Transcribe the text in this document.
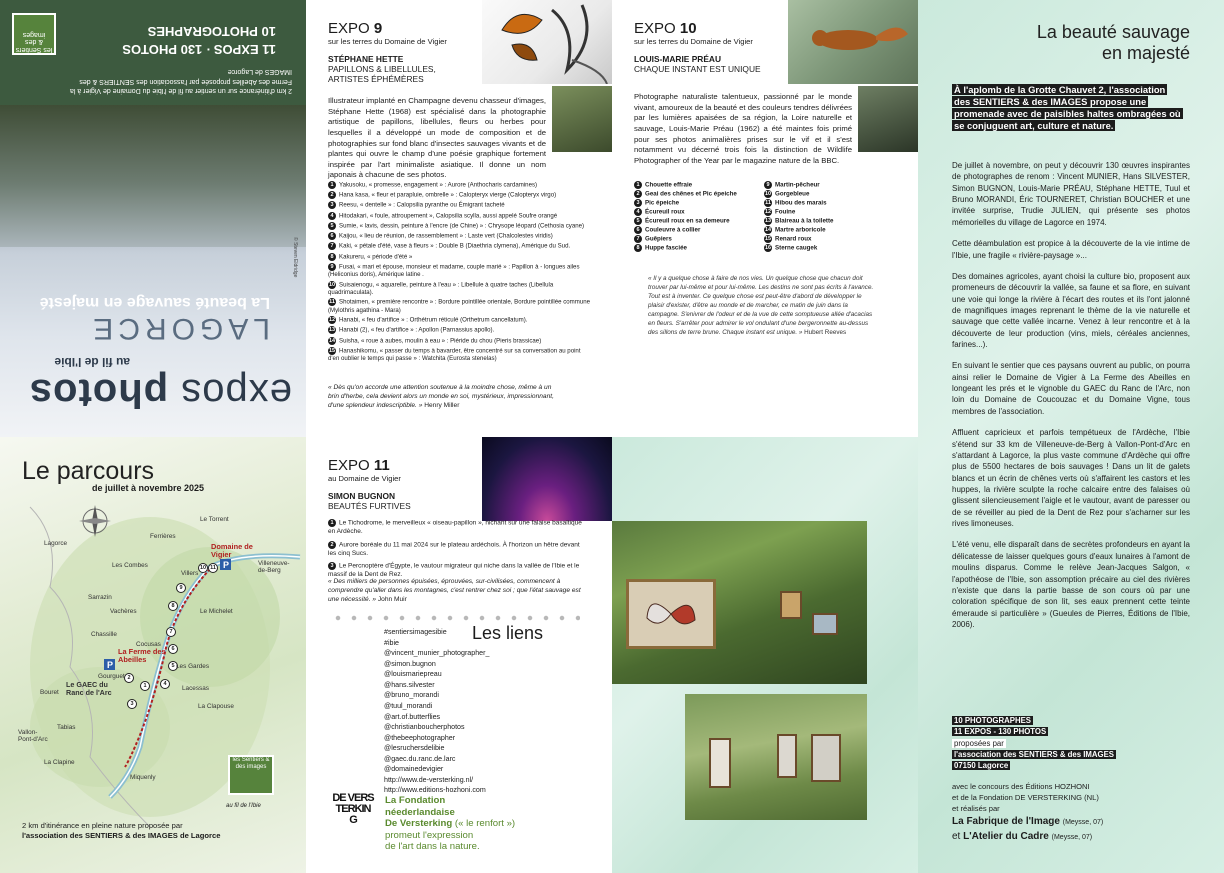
expos photos
au fil de l'Ibie
LAGORCE
La beauté sauvage en majesté
2 km d'itinérance sur un sentier au fil de l'Ibie du Domaine de Vigier à la Ferme des Abeilles proposée par l'association des SENTIERS & des IMAGES de Lagorce
11 EXPOS · 130 PHOTOS
10 PHOTOGRAPHES
les Sentiers & des images
© Steven Eldridge
EXPO 9
sur les terres du Domaine de Vigier
STÉPHANE HETTE
PAPILLONS & LIBELLULES, ARTISTES ÉPHÉMÈRES
Illustrateur implanté en Champagne devenu chasseur d'images, Stéphane Hette (1968) est spécialisé dans la photographie artistique de papillons, libellules, fleurs ou herbes pour lesquelles il a développé un mode de composition et de photographies sur fond blanc d'insectes sauvages vivants et de plantes qui ouvre le champ d'une poésie graphique fortement inspirée par l'art minimaliste asiatique. Il donne un nom japonais à chacune de ses photos.
1 Yakusoku, « promesse, engagement » : Aurore (Anthocharis cardamines)
2 Hana kasa, « fleur et parapluie, ombrelle » : Calopteryx vierge (Calopteryx virgo)
3 Reesu, « dentelle » : Calopsilia pyranthe ou Émigrant tacheté
4 Hitodakari, « foule, attroupement », Calopsilia scylla, aussi appelé Soufre orangé
5 Sumie, « lavis, dessin, peinture à l'encre (de Chine) » : Chrysope léopard (Cethosia cyane)
6 Kaijou, « lieu de réunion, de rassemblement » : Laste vert (Chalcolestes viridis)
7 Kaki, « pétale d'été, vase à fleurs » : Double B (Diaethria clymena), Amérique du Sud.
8 Kakureru, « période d'été »
9 Fusai, « mari et épouse, monsieur et madame, couple marié » : Papillon à - longues ailes (Heliconius doris), Amérique latine .
10 Suisaienogu, « aquarelle, peinture à l'eau » : Libellule à quatre taches (Libellula quadrimaculata).
11 Shotaimen, « première rencontre » : Bordure pointillée orientale, Bordure pointillée commune (Mylothris agathina - Mara)
12 Hanabi, « feu d'artifice » : Orthétrum réticulé (Orthetrum cancellatum).
13 Hanabi (2), « feu d'artifice » : Apollon (Parnassius apollo).
14 Suisha, « roue à aubes, moulin à eau » : Piéride du chou (Pieris brassicae)
15 Hanashikomu, « passer du temps à bavarder, être concentré sur sa conversation au point d'en oublier le temps qui passe » : Watchita (Eurosta stenelas)
« Dès qu'on accorde une attention soutenue à la moindre chose, même à un brin d'herbe, cela devient alors un monde en soi, mystérieux, impressionnant, d'une splendeur indescriptible. » Henry Miller
EXPO 10
sur les terres du Domaine de Vigier
LOUIS-MARIE PRÉAU
CHAQUE INSTANT EST UNIQUE
Photographe naturaliste talentueux, passionné par le monde vivant, amoureux de la beauté et des couleurs tendres délivrées par les lumières apaisées de sa région, la Loire naturelle et sauvage, Louis-Marie Préau (1962) a été maintes fois primé pour ses photos animalières prises sur le vif et il s'est notamment vu décerné trois fois la distinction de Wildlife Photographer of the Year par le magazine nature de la BBC.
1 Chouette effraie
2 Geai des chênes et Pic épeiche
3 Pic épeiche
4 Écureuil roux
5 Écureuil roux en sa demeure
6 Couleuvre à collier
7 Guêpiers
8 Huppe fasciée
9 Martin-pêcheur
10 Gorgebleue
11 Hibou des marais
12 Fouine
13 Blaireau à la toilette
14 Martre arboricole
15 Renard roux
16 Sterne caugek
« Il y a quelque chose à faire de nos vies. Un quelque chose que chacun doit trouver par lui-même et pour lui-même. Les destins ne sont pas écrits à l'avance. Tout est à inventer. Ce quelque chose est peut-être d'abord de développer le plaisir d'exister, d'être au monde et de marcher, ce matin de juin dans la campagne. S'enivrer de l'odeur et de la vue de cette somptueuse allée d'acacias en fleurs. S'arrêter pour admirer le vol ondulant d'une bergeronnette au-dessus des sillons de terre brune. Chaque instant est unique. » Hubert Reeves
La beauté sauvage
en majesté
À l'aplomb de la Grotte Chauvet 2, l'association des SENTIERS & des IMAGES propose une promenade avec de paisibles haltes ombragées où se conjuguent art, culture et nature.

De juillet à novembre, on peut y découvrir 130 œuvres inspirantes de photographes de renom : Vincent MUNIER, Hans SILVESTER, Simon BUGNON, Louis-Marie PRÉAU, Stéphane HETTE, Tuul et Bruno MORANDI, Éric TOURNERET, Christian BOUCHER et une invitée surprise, Trudie JULIEN, qui présente ses photos mémorielles du village de Lagorce en 1974.

Cette déambulation est propice à la découverte de la vie intime de l'Ibie, une fragile « rivière-paysage »...

Des domaines agricoles, ayant choisi la culture bio, proposent aux promeneurs de découvrir la vallée, sa faune et sa flore, en suivant une voie qui longe la rivière à l'écart des routes et ils l'ont jalonné de magnifiques images reprenant le thème de la vie naturelle et sauvage que cette vallée incarne. Venez à leur rencontre et à la découverte de leur production (vins, miels, céréales anciennes, farines...).

En suivant le sentier que ces paysans ouvrent au public, on pourra ainsi relier le Domaine de Vigier à La Ferme des Abeilles en longeant les prés et le vignoble du GAEC du Ranc de l'Arc, non loin du Domaine de Coucouzac et du Domaine Vigne, tous membres de l'association.

Affluent capricieux et parfois tempétueux de l'Ardèche, l'Ibie s'étend sur 33 km de Villeneuve-de-Berg à Vallon-Pont-d'Arc en s'attardant à Lagorce, la plus vaste commune d'Ardèche qui offre plus de 5500 hectares de bois sauvages ! Dans un lit de galets blancs et un écrin de chênes verts où s'affairent les castors et les huppes, la rivière sculpte la roche calcaire entre des falaises où glissent silencieusement l'aigle et le vautour, avant de paresser ou de se réveiller au pied de la Dent de Rez pour s'acharner sur les rives limoneuses.

L'été venu, elle disparaît dans de secrètes profondeurs en ayant la délicatesse de laisser quelques gours d'eaux lunaires à l'amont de moulins disparus. Comme le relève Jean-Jacques Salgon, « l'apothéose de l'Ibie, son assomption précaire au ciel des rivières n'existe que dans la partie basse de son cours où par une coloration spécifique de son lit, ses eaux prennent cette teinte émeraude si particulière » (Gueules de Pierres, Éditions de l'Ibie, 2006).

10 PHOTOGRAPHES
11 EXPOS - 130 PHOTOS
proposées par
l'association des SENTIERS & des IMAGES
07150 Lagorce
avec le concours des Éditions HOZHONI
et de la Fondation DE VERSTERKING (NL)
et réalisés par
La Fabrique de l'Image (Meysse, 07)
et L'Atelier du Cadre (Meysse, 07)
Le parcours
de juillet à novembre 2025
P
P
3
4
5
6
7
8
9
10 11
1
2
Lagorce
Le Torrent
Ferrières
Domaine de Vigier
Villeneuve-de-Berg
Les Combes
Villers
Sarrazin
Vachères	Le Michelet
Chassille
Cocusas
La Ferme des Abeilles
Les Gardes
Gourguet
Le GAEC du Ranc de l'Arc
Bouret
Lacessas
La Clapouse
Tabias
Vallon-Pont-d'Arc
Miquenly
La Clapine	les Sentiers & des images
au fil de l'Ibie
2 km d'itinérance en pleine nature proposée par
l'association des SENTIERS & des IMAGES de Lagorce
EXPO 11
au Domaine de Vigier
SIMON BUGNON
BEAUTÉS FURTIVES
1 Le Tichodrome, le merveilleux « oiseau-papillon », nichant sur une falaise basaltique en Ardèche.
2 Aurore boréale du 11 mai 2024 sur le plateau ardéchois. À l'horizon un hêtre devant les cinq Sucs.
3 Le Percnoptère d'Égypte, le vautour migrateur qui niche dans la vallée de l'Ibie et le massif de la Dent de Rez.
« Des milliers de personnes épuisées, éprouvées, sur-civilisées, commencent à comprendre qu'aller dans les montagnes, c'est rentrer chez soi ; que l'état sauvage est une nécessité. » John Muir
Les liens
#sentiersimagesibie
#ibie
@vincent_munier_photographer_
@simon.bugnon
@louismariepreau
@hans.silvester
@bruno_morandi
@tuul_morandi
@art.of.butterflies
@christianboucherphotos
@thebeephotographer
@lesruchersdelibie
@gaec.du.ranc.de.larc
@domainedevigier
http://www.de-versterking.nl/
http://www.editions-hozhoni.com
DE VERSTERKING
La Fondation
néederlandaise
De Versterking (« le renfort »)
promeut l'expression
de l'art dans la nature.
